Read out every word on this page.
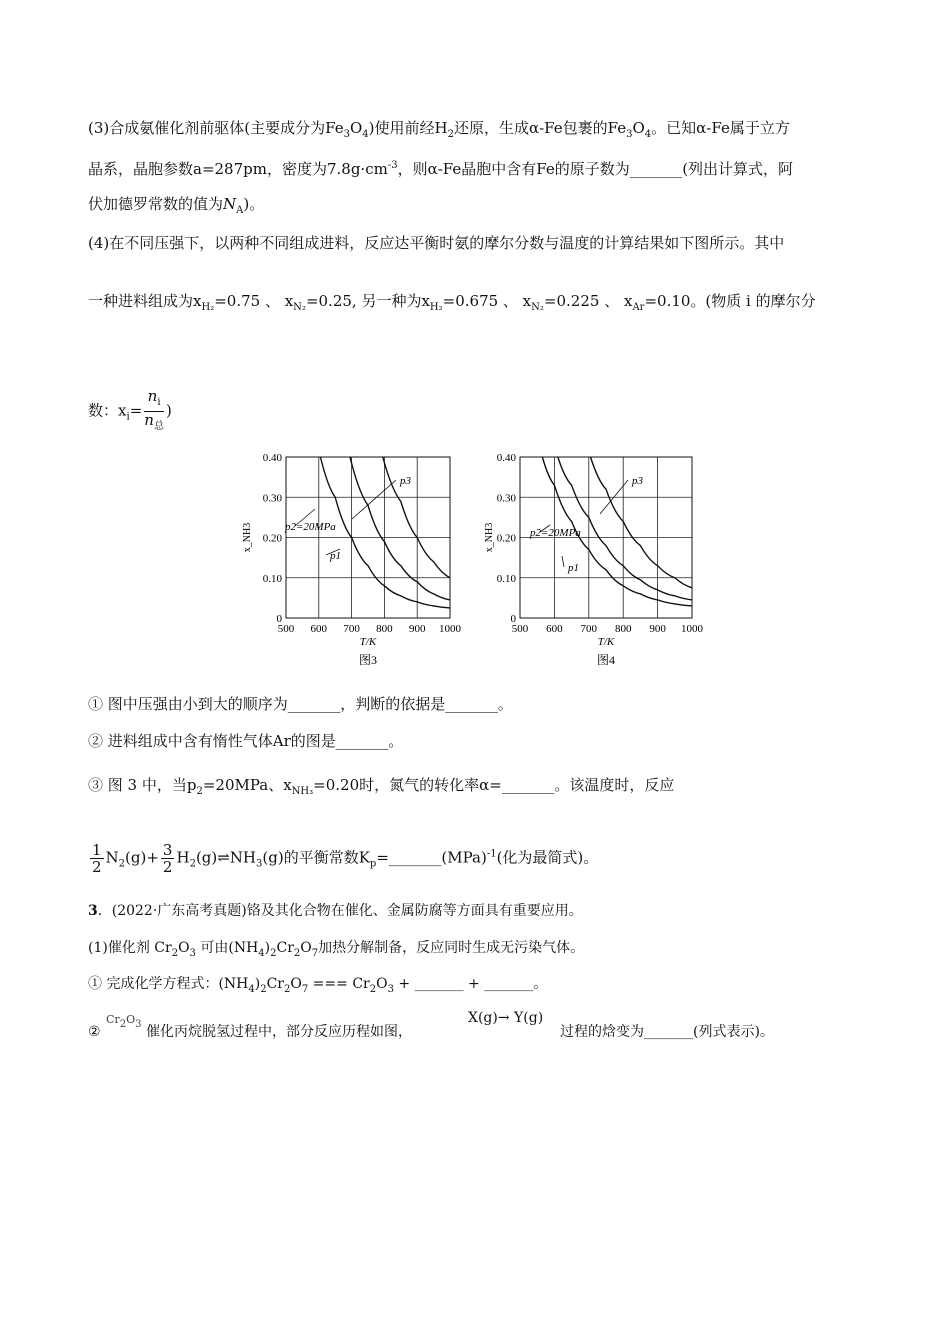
(3)合成氨催化剂前驱体(主要成分为$Fe_3O_4$)使用前经$H_2$还原，生成α-Fe包裹的$Fe_3O_4$。已知α-Fe属于立方
晶系，晶胞参数a=287pm，密度为$7.8g\cdot cm^{-3}$，则α-Fe晶胞中含有Fe的原子数为_______(列出计算式，阿
伏加德罗常数的值为$N_A$)。
(4)在不同压强下，以两种不同组成进料，反应达平衡时氨的摩尔分数与温度的计算结果如下图所示。其中
一种进料组成为$x_{H_2}=0.75$ 、 $x_{N_2}=0.25$, 另一种为$x_{H_2}=0.675$ 、 $x_{N_2}=0.225$ 、 $x_{Ar}=0.10$。(物质 i 的摩尔分
数：$x_i= \frac{n_i}{n_总}$ )
500 600 700 800 900 1000
0
0.10
0.20
0.30
0.40
T/K
x_NH3
p3
p2=20MPa
p1
图3
500 600 700 800 900 1000
0
0.10
0.20
0.30
0.40
T/K
x_NH3
p3
p2=20MPa
p1
图4
① 图中压强由小到大的顺序为_______，判断的依据是_______。
② 进料组成中含有惰性气体Ar的图是_______。
③ 图 3 中，当$p_2=20MPa$、$x_{NH_3}=0.20$时，氮气的转化率α=_______。该温度时，反应
$\frac{1}{2} N_2(g)+ \frac{3}{2}$ $H_2(g)\rightleftharpoons NH_3(g)$的平衡常数$K_p=\_\_\_\_\_\_\_(MPa)^{-1}$(化为最简式)。
3．(2022·广东高考真题)铬及其化合物在催化、金属防腐等方面具有重要应用。
(1)催化剂 $Cr_2O_3$ 可由$(NH_4)_2Cr_2O_7$加热分解制备，反应同时生成无污染气体。
① 完成化学方程式：$(NH_4)_2Cr_2O_7$ === $Cr_2O_3$ + _______ + _______。
②
Cr2O3 催化丙烷脱氢过程中，部分反应历程如图，
X(g)→ Y(g)
过程的焓变为_______(列式表示)。
